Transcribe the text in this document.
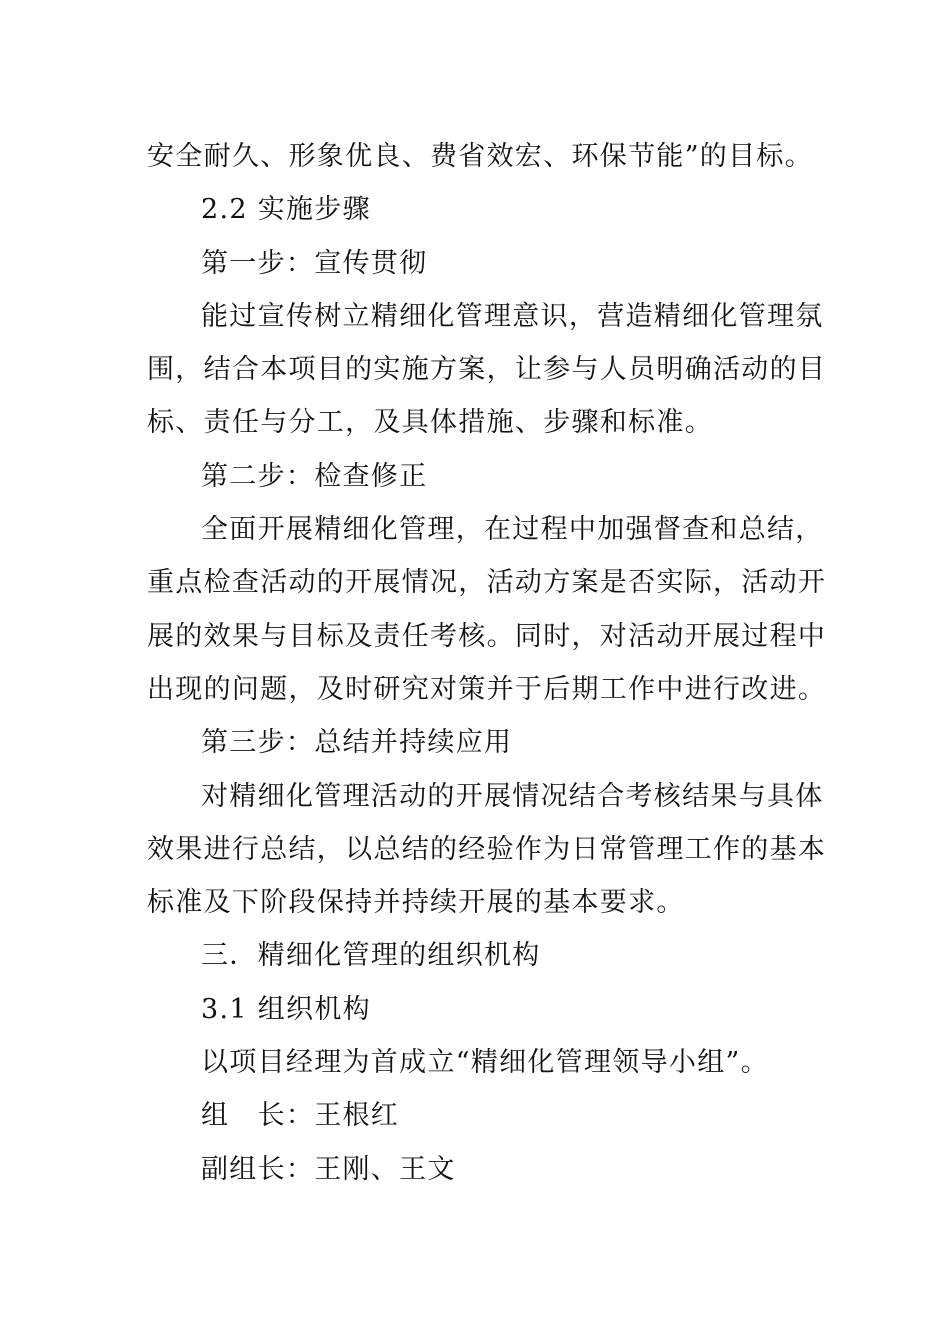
安全耐久、形象优良、费省效宏、环保节能”的目标。
2.2 实施步骤
第一步：宣传贯彻
能过宣传树立精细化管理意识，营造精细化管理氛
围，结合本项目的实施方案，让参与人员明确活动的目
标、责任与分工，及具体措施、步骤和标准。
第二步：检查修正
全面开展精细化管理，在过程中加强督查和总结，
重点检查活动的开展情况，活动方案是否实际，活动开
展的效果与目标及责任考核。同时，对活动开展过程中
出现的问题，及时研究对策并于后期工作中进行改进。
第三步：总结并持续应用
对精细化管理活动的开展情况结合考核结果与具体
效果进行总结，以总结的经验作为日常管理工作的基本
标准及下阶段保持并持续开展的基本要求。
三．精细化管理的组织机构
3.1 组织机构
以项目经理为首成立“精细化管理领导小组”。
组　长：王根红
副组长：王刚、王文
